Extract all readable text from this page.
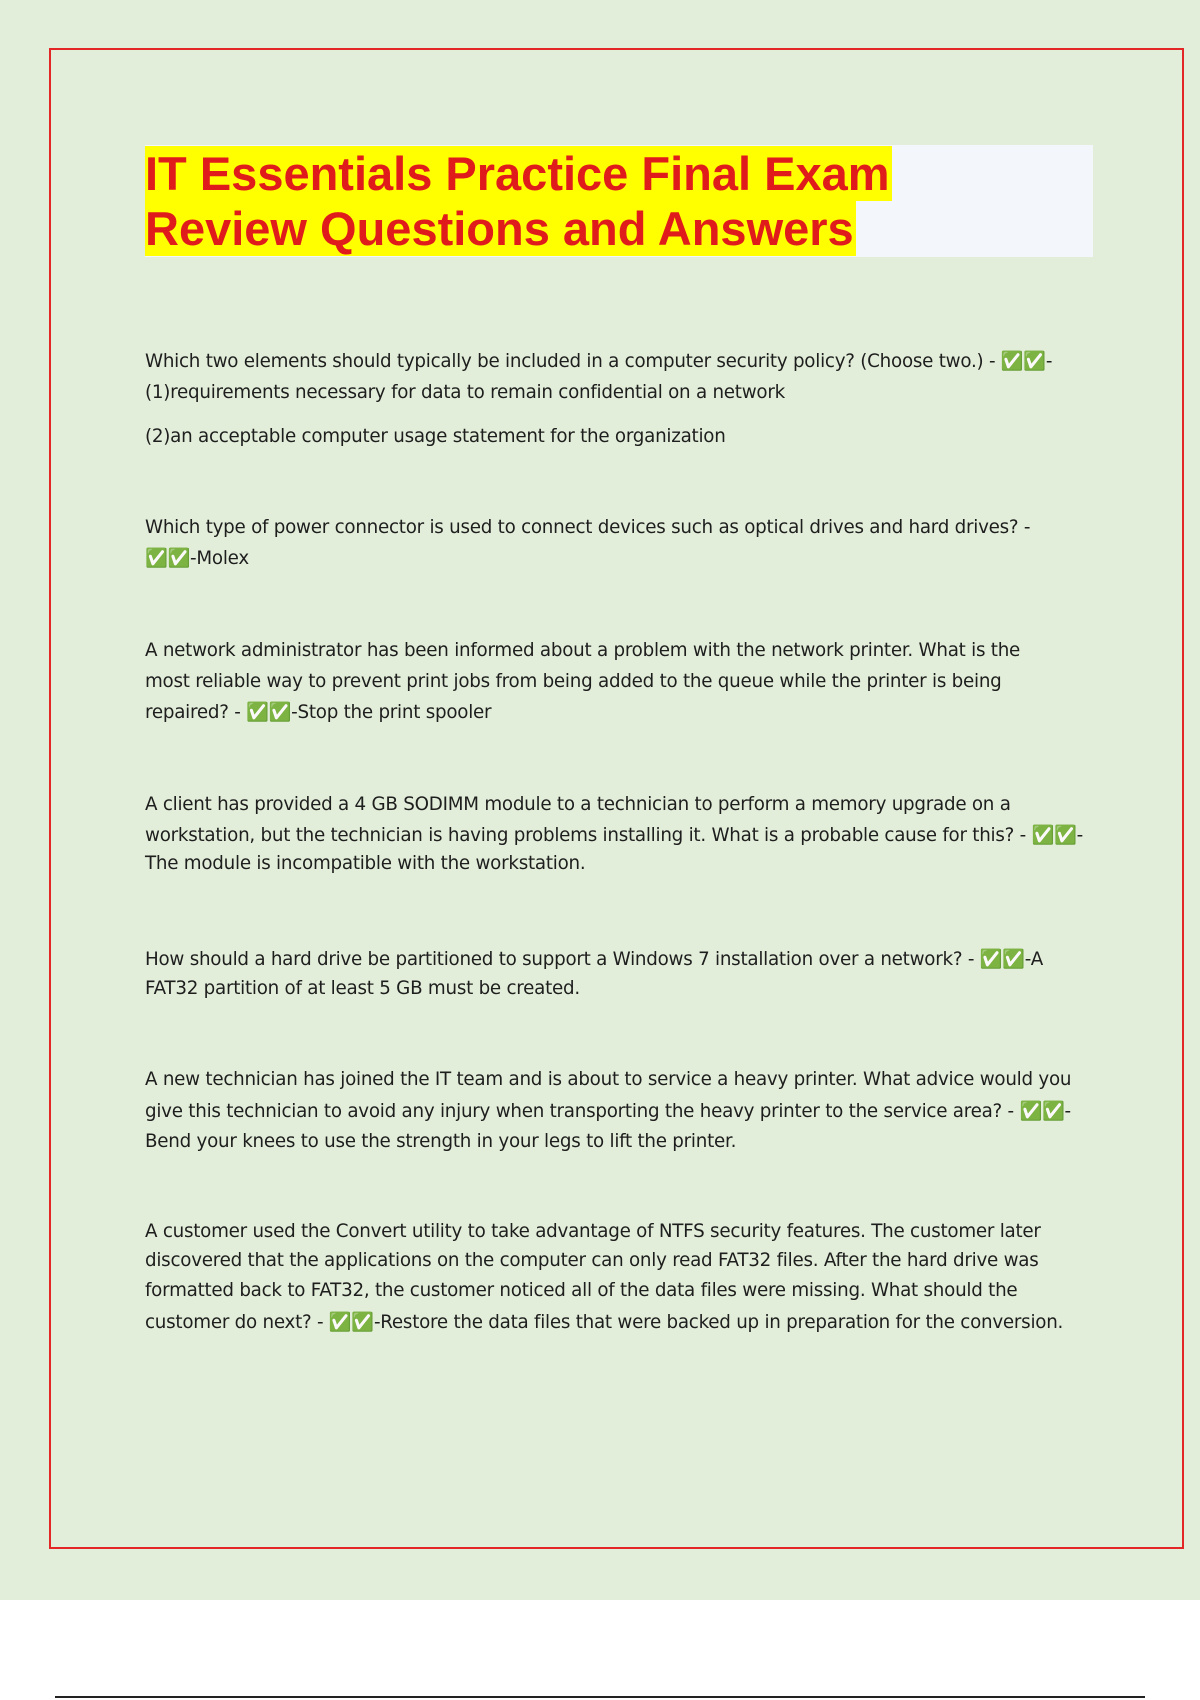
IT Essentials Practice Final Exam
Review Questions and Answers
Which two elements should typically be included in a computer security policy? (Choose two.) - ✅✅-
(1)requirements necessary for data to remain confidential on a network
(2)an acceptable computer usage statement for the organization
Which type of power connector is used to connect devices such as optical drives and hard drives? -
✅✅-Molex
A network administrator has been informed about a problem with the network printer. What is the
most reliable way to prevent print jobs from being added to the queue while the printer is being
repaired? - ✅✅-Stop the print spooler
A client has provided a 4 GB SODIMM module to a technician to perform a memory upgrade on a
workstation, but the technician is having problems installing it. What is a probable cause for this? - ✅✅-
The module is incompatible with the workstation.
How should a hard drive be partitioned to support a Windows 7 installation over a network? - ✅✅-A
FAT32 partition of at least 5 GB must be created.
A new technician has joined the IT team and is about to service a heavy printer. What advice would you
give this technician to avoid any injury when transporting the heavy printer to the service area? - ✅✅-
Bend your knees to use the strength in your legs to lift the printer.
A customer used the Convert utility to take advantage of NTFS security features. The customer later
discovered that the applications on the computer can only read FAT32 files. After the hard drive was
formatted back to FAT32, the customer noticed all of the data files were missing. What should the
customer do next? - ✅✅-Restore the data files that were backed up in preparation for the conversion.
